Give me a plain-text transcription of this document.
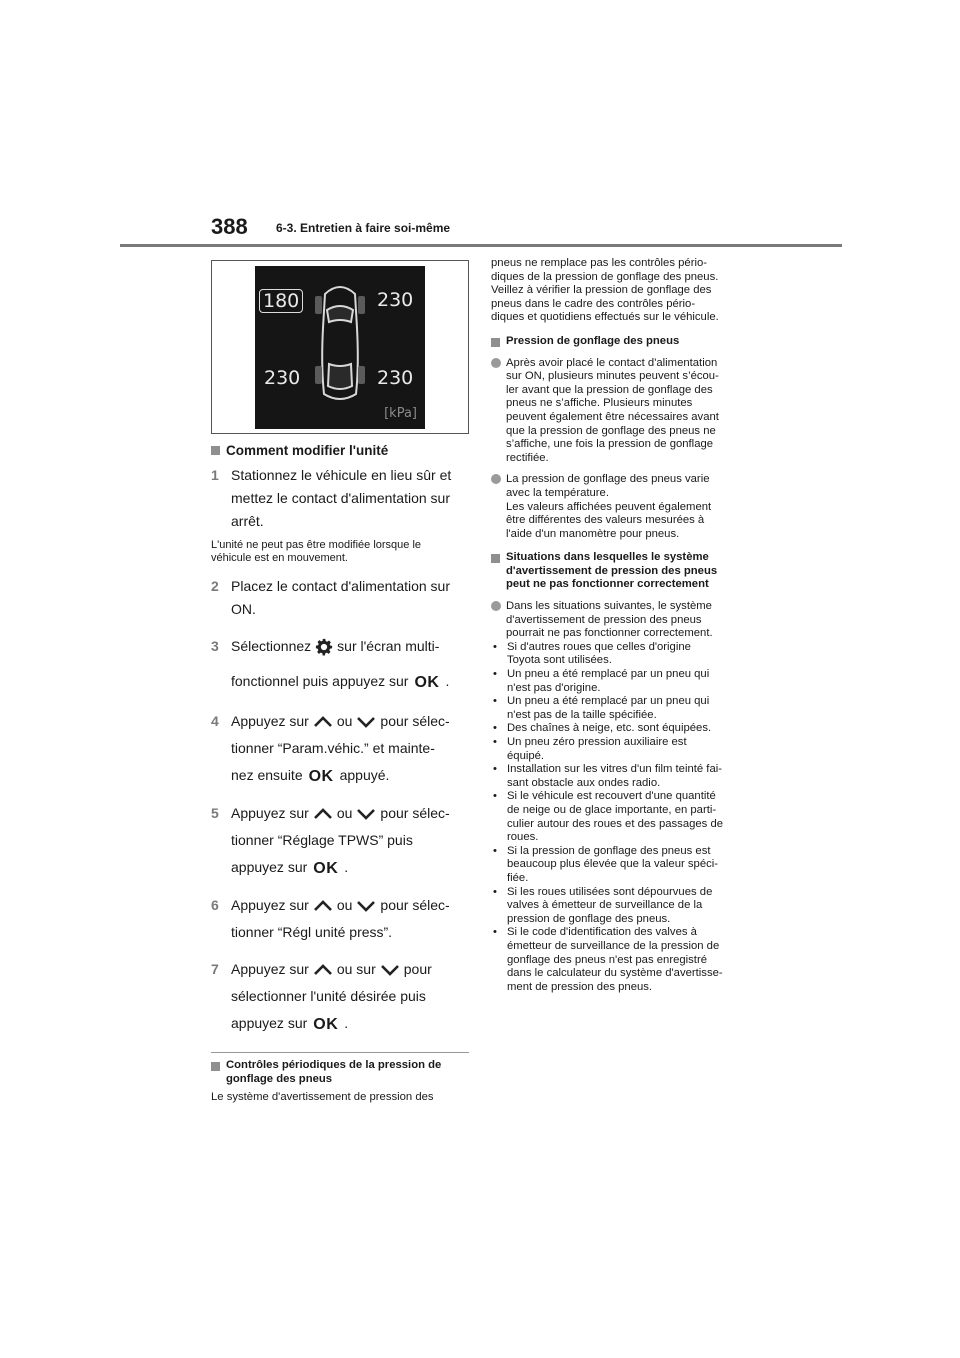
388 6-3. Entretien à faire soi-même
180	230
230	230
[kPa]
Comment modifier l'unité
1 Stationnez le véhicule en lieu sûr et
mettez le contact d'alimentation sur
arrêt.
L'unité ne peut pas être modifiée lorsque le
véhicule est en mouvement.
2 Placez le contact d'alimentation sur
ON.
3 Sélectionnez sur l'écran multi-
fonctionnel puis appuyez sur OK .
4 Appuyez sur ou pour sélec-
tionner “Param.véhic.” et mainte-
nez ensuite OK appuyé.
5 Appuyez sur ou pour sélec-
tionner “Réglage TPWS” puis
appuyez sur OK .
6 Appuyez sur ou pour sélec-
tionner “Régl unité press”.
7 Appuyez sur ou sur pour
sélectionner l'unité désirée puis
appuyez sur OK .
Contrôles périodiques de la pression de
gonflage des pneus
Le système d'avertissement de pression des
pneus ne remplace pas les contrôles pério-
diques de la pression de gonflage des pneus.
Veillez à vérifier la pression de gonflage des
pneus dans le cadre des contrôles pério-
diques et quotidiens effectués sur le véhicule.
Pression de gonflage des pneus
Après avoir placé le contact d'alimentation
sur ON, plusieurs minutes peuvent s’écou-
ler avant que la pression de gonflage des
pneus ne s’affiche. Plusieurs minutes
peuvent également être nécessaires avant
que la pression de gonflage des pneus ne
s’affiche, une fois la pression de gonflage
rectifiée.
La pression de gonflage des pneus varie
avec la température.
Les valeurs affichées peuvent également
être différentes des valeurs mesurées à
l'aide d'un manomètre pour pneus.
Situations dans lesquelles le système
d'avertissement de pression des pneus
peut ne pas fonctionner correctement
Dans les situations suivantes, le système
d'avertissement de pression des pneus
pourrait ne pas fonctionner correctement.
• Si d'autres roues que celles d'origine
Toyota sont utilisées.
• Un pneu a été remplacé par un pneu qui
n'est pas d'origine.
• Un pneu a été remplacé par un pneu qui
n'est pas de la taille spécifiée.
• Des chaînes à neige, etc. sont équipées.
• Un pneu zéro pression auxiliaire est
équipé.
• Installation sur les vitres d'un film teinté fai-
sant obstacle aux ondes radio.
• Si le véhicule est recouvert d'une quantité
de neige ou de glace importante, en parti-
culier autour des roues et des passages de
roues.
• Si la pression de gonflage des pneus est
beaucoup plus élevée que la valeur spéci-
fiée.
• Si les roues utilisées sont dépourvues de
valves à émetteur de surveillance de la
pression de gonflage des pneus.
• Si le code d'identification des valves à
émetteur de surveillance de la pression de
gonflage des pneus n'est pas enregistré
dans le calculateur du système d'avertisse-
ment de pression des pneus.
